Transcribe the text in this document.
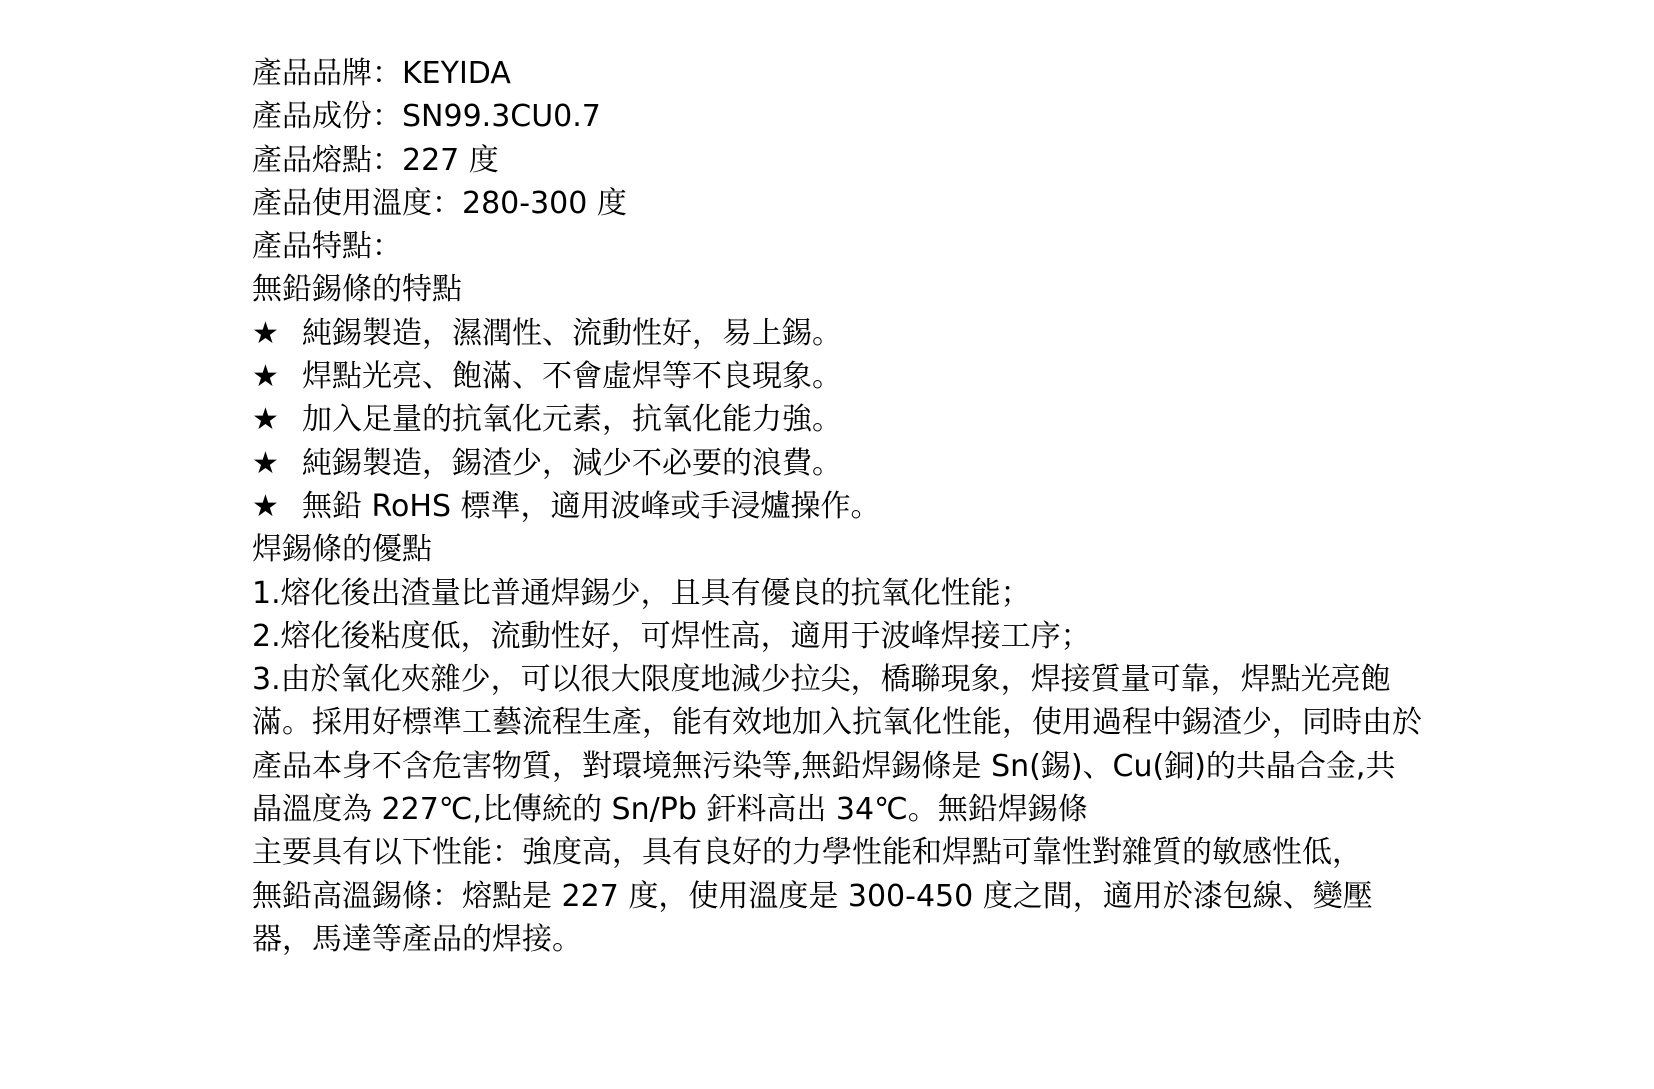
產品品牌：KEYIDA
產品成份：SN99.3CU0.7
產品熔點：227 度
產品使用溫度：280-300 度
產品特點：
無鉛錫條的特點
★ 純錫製造，濕潤性、流動性好，易上錫。
★ 焊點光亮、飽滿、不會虛焊等不良現象。
★ 加入足量的抗氧化元素，抗氧化能力強。
★ 純錫製造，錫渣少，減少不必要的浪費。
★ 無鉛 RoHS 標準，適用波峰或手浸爐操作。
焊錫條的優點
1.熔化後出渣量比普通焊錫少，且具有優良的抗氧化性能；
2.熔化後粘度低，流動性好，可焊性高，適用于波峰焊接工序；
3.由於氧化夾雜少，可以很大限度地減少拉尖，橋聯現象，焊接質量可靠，焊點光亮飽滿。採用好標準工藝流程生產，能有效地加入抗氧化性能，使用過程中錫渣少，同時由於產品本身不含危害物質，對環境無污染等,無鉛焊錫條是 Sn(錫)、Cu(銅)的共晶合金,共晶溫度為 227℃,比傳統的 Sn/Pb 釬料高出 34℃。無鉛焊錫條
主要具有以下性能：強度高，具有良好的力學性能和焊點可靠性對雜質的敏感性低，
無鉛高溫錫條：熔點是 227 度，使用溫度是 300-450 度之間，適用於漆包線、變壓器，馬達等產品的焊接。
